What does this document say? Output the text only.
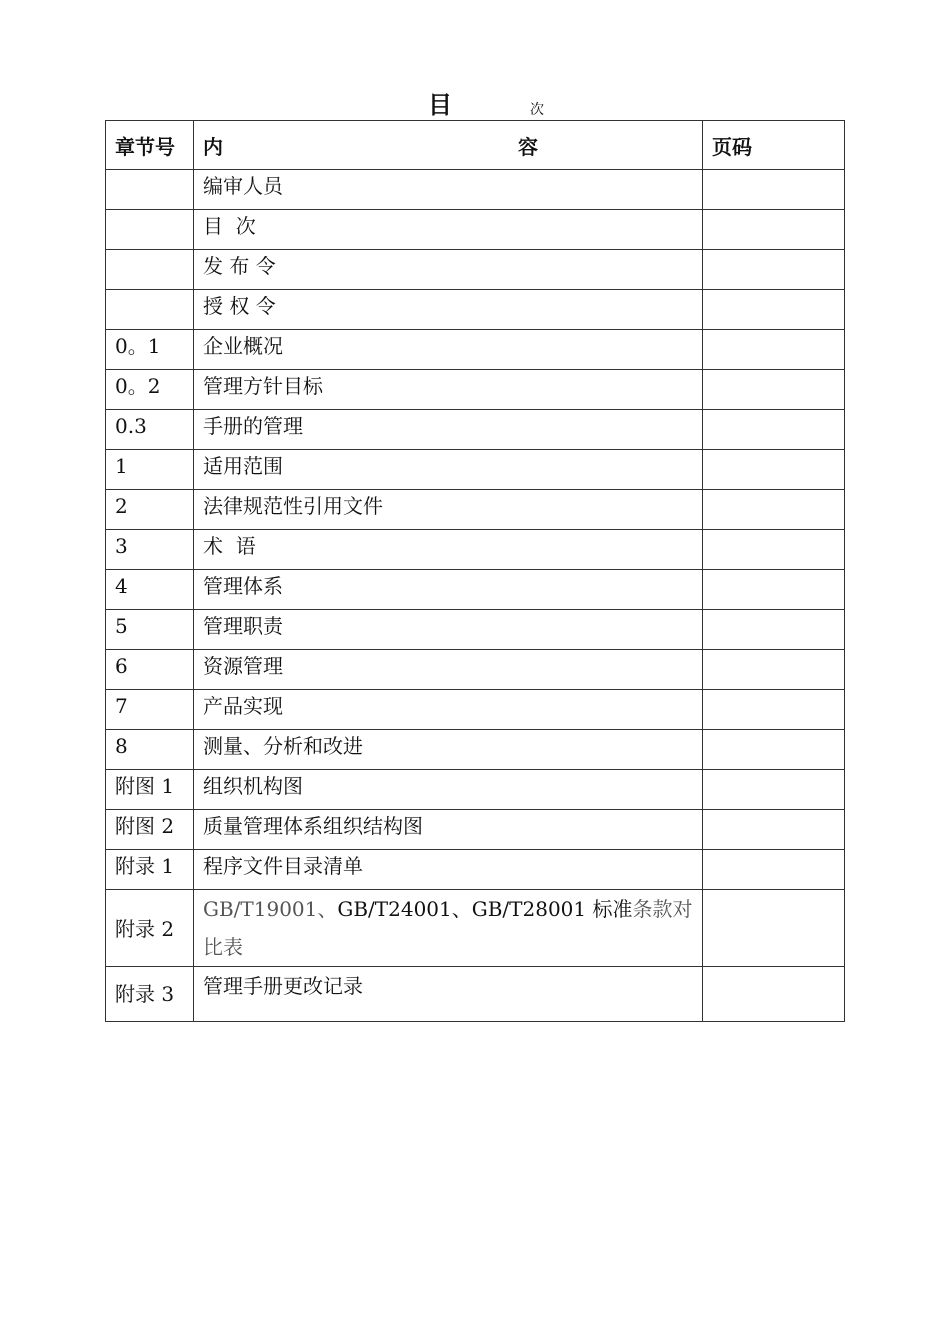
目	次
章节号	内 容	页码
	编审人员	
	目  次	
	发 布 令	
	授 权 令	
0。1	企业概况	
0。2	管理方针目标	
0.3	手册的管理	
1	适用范围	
2	法律规范性引用文件	
3	术  语	
4	管理体系	
5	管理职责	
6	资源管理	
7	产品实现	
8	测量、分析和改进	
附图 1	组织机构图	
附图 2	质量管理体系组织结构图	
附录 1	程序文件目录清单	
附录 2	GB/T19001、GB/T24001、GB/T28001 标准条款对比表	
附录 3	管理手册更改记录	
